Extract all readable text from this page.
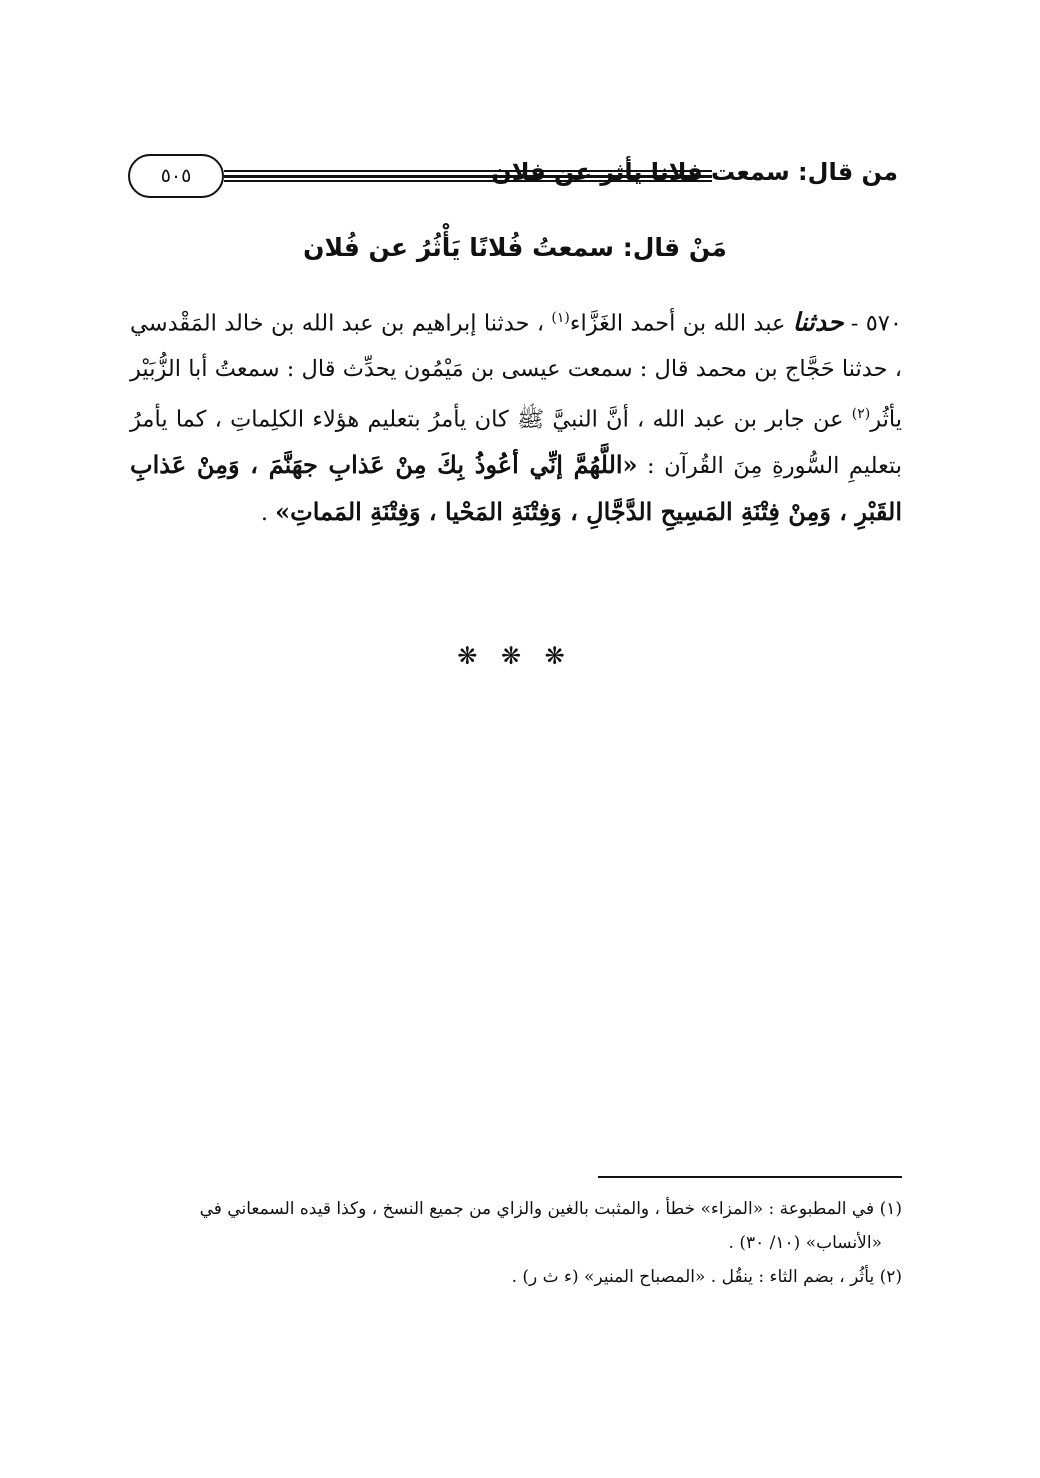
٥٠٥	من قال: سمعت فلانا يأثر عن فلان
مَنْ قال: سمعتُ فُلانًا يَأْثُرُ عن فُلان
٥٧٠ - حدثنا عبد الله بن أحمد الغَزَّاء$^{(١)}$ ، حدثنا إبراهيم بن عبد الله بن خالد المَقْدسي ، حدثنا حَجَّاج بن محمد قال : سمعت عيسى بن مَيْمُون يحدِّث قال : سمعتُ أبا الزُّبَيْر يأثُر$^{(٢)}$ عن جابر بن عبد الله ، أنَّ النبيَّ ﷺ كان يأمرُ بتعليم هؤلاء الكلِماتِ ، كما يأمرُ بتعليمِ السُّورةِ مِنَ القُرآن : «اللَّهُمَّ إنِّي أعُوذُ بِكَ مِنْ عَذابِ جهَنَّمَ ، وَمِنْ عَذابِ القَبْرِ ، وَمِنْ فِتْنَةِ المَسِيحِ الدَّجَّالِ ، وَفِتْنَةِ المَحْيا ، وَفِتْنَةِ المَماتِ» .
❋ ❋ ❋

(١) في المطبوعة : «المزاء» خطأ ، والمثبت بالغين والزاي من جميع النسخ ، وكذا قيده السمعاني في

«الأنساب» (١٠/ ٣٠) .

(٢) يأثُر ، بضم الثاء : ينقُل . «المصباح المنير» (ء ث ر) .
